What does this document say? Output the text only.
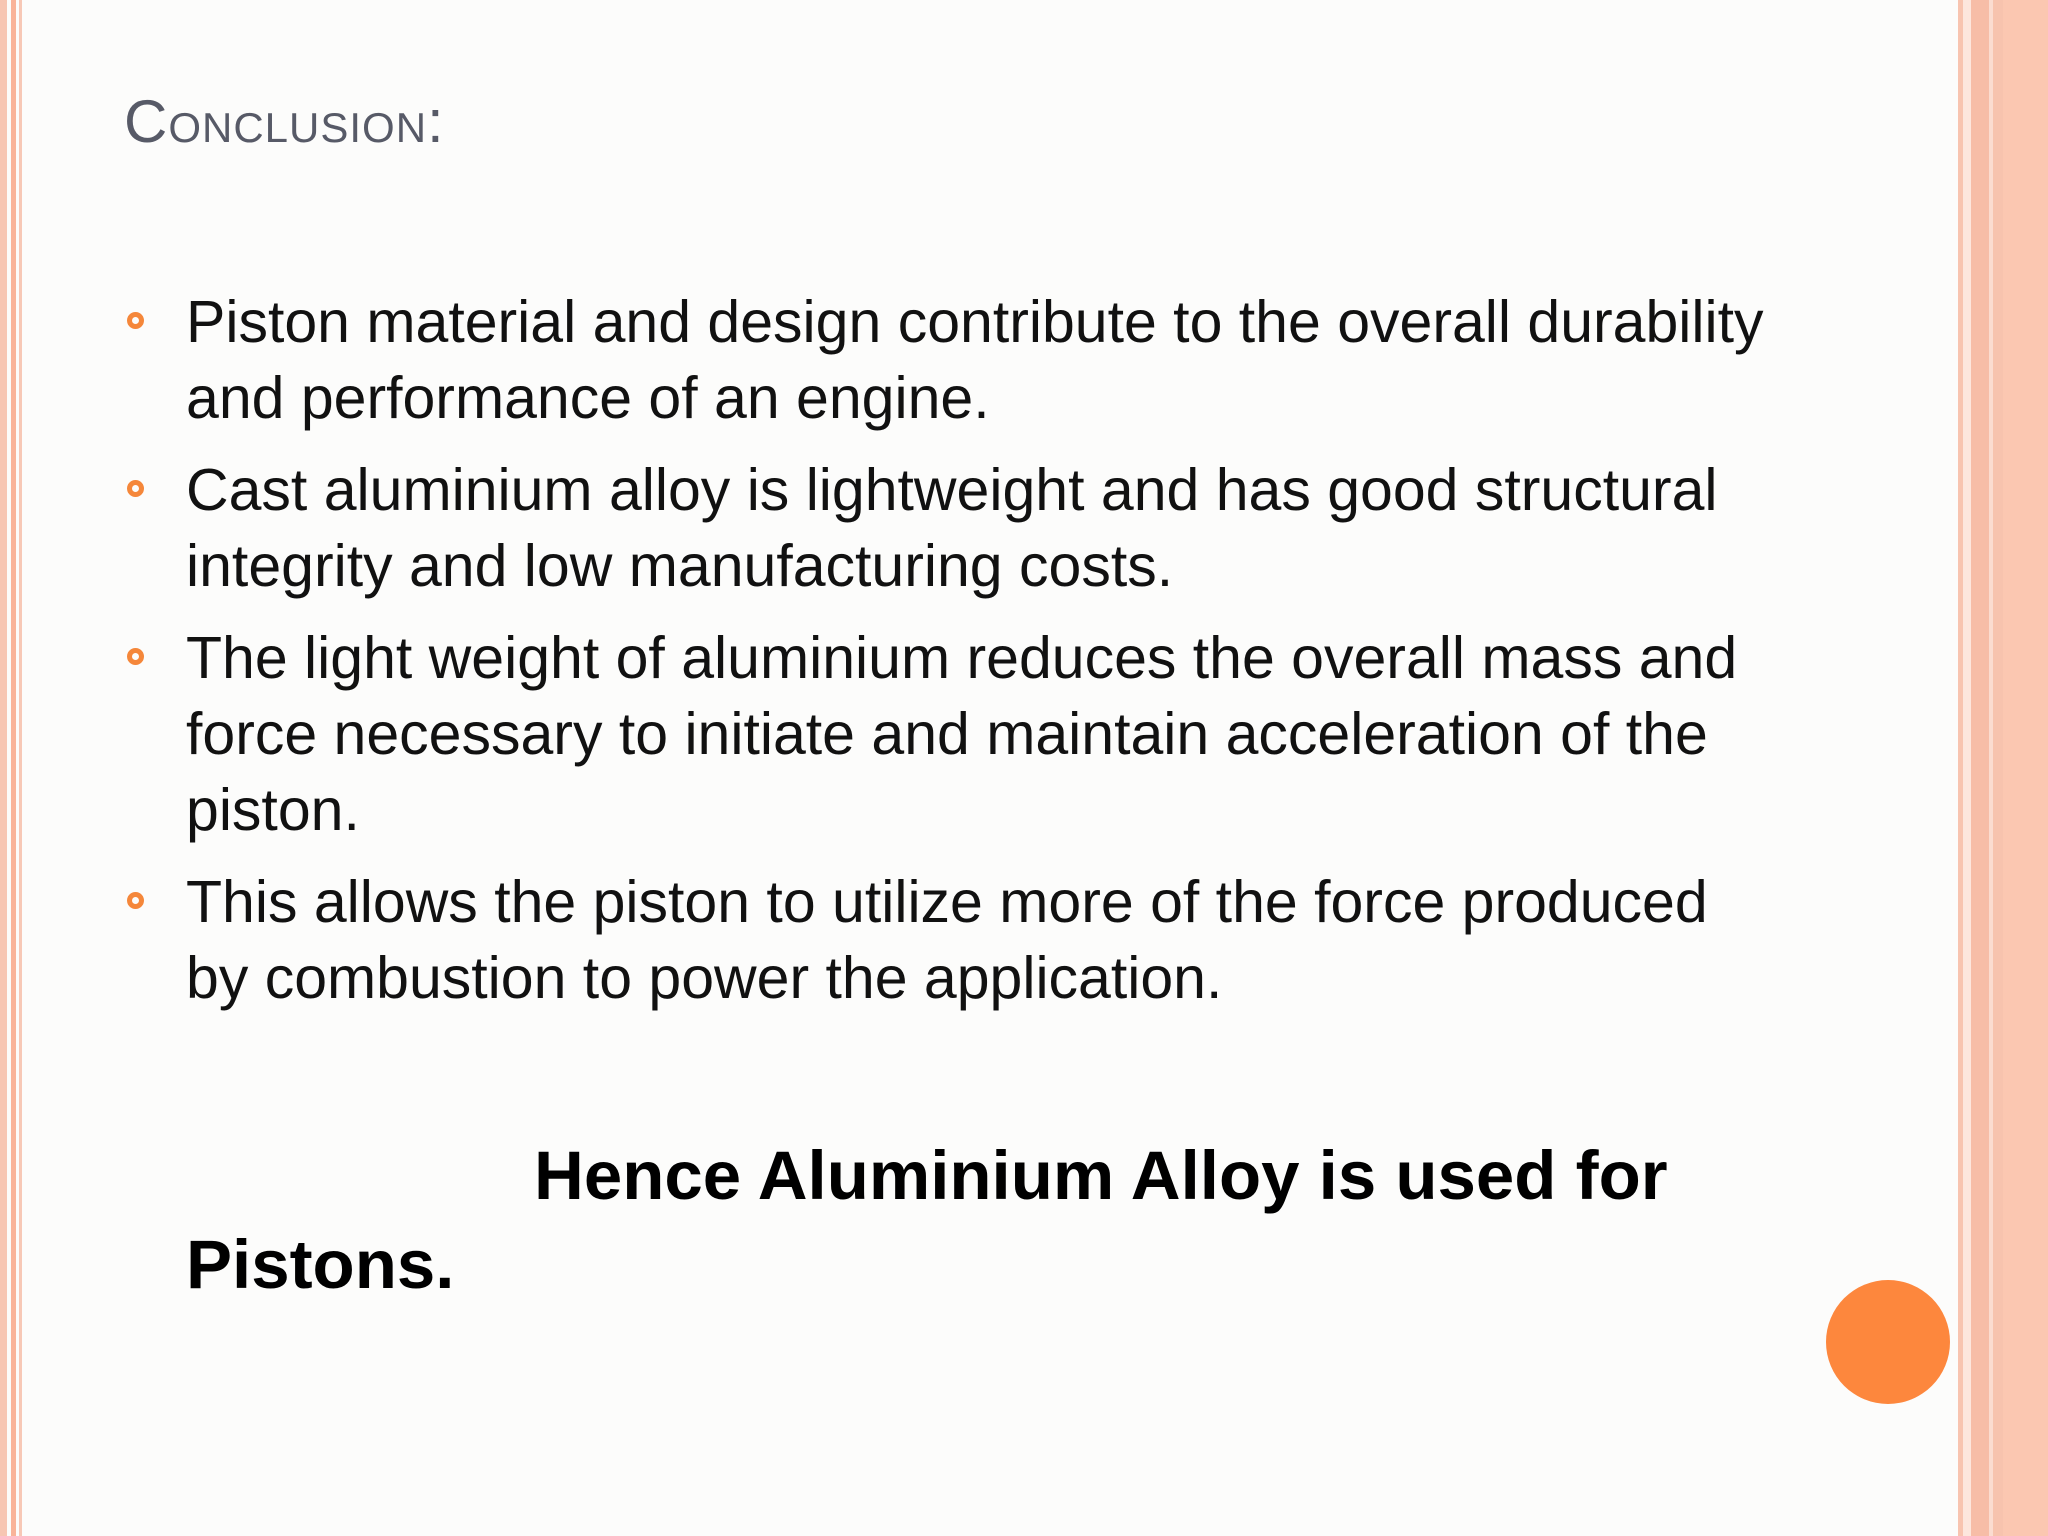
Conclusion:
Piston material and design contribute to the overall durability and performance of an engine.
Cast aluminium alloy is lightweight and has good structural integrity and low manufacturing costs.
The light weight of aluminium reduces the overall mass and force necessary to initiate and maintain acceleration of the piston.
This allows the piston to utilize more of the force produced by combustion to power the application.

Hence Aluminium Alloy is used for Pistons.
